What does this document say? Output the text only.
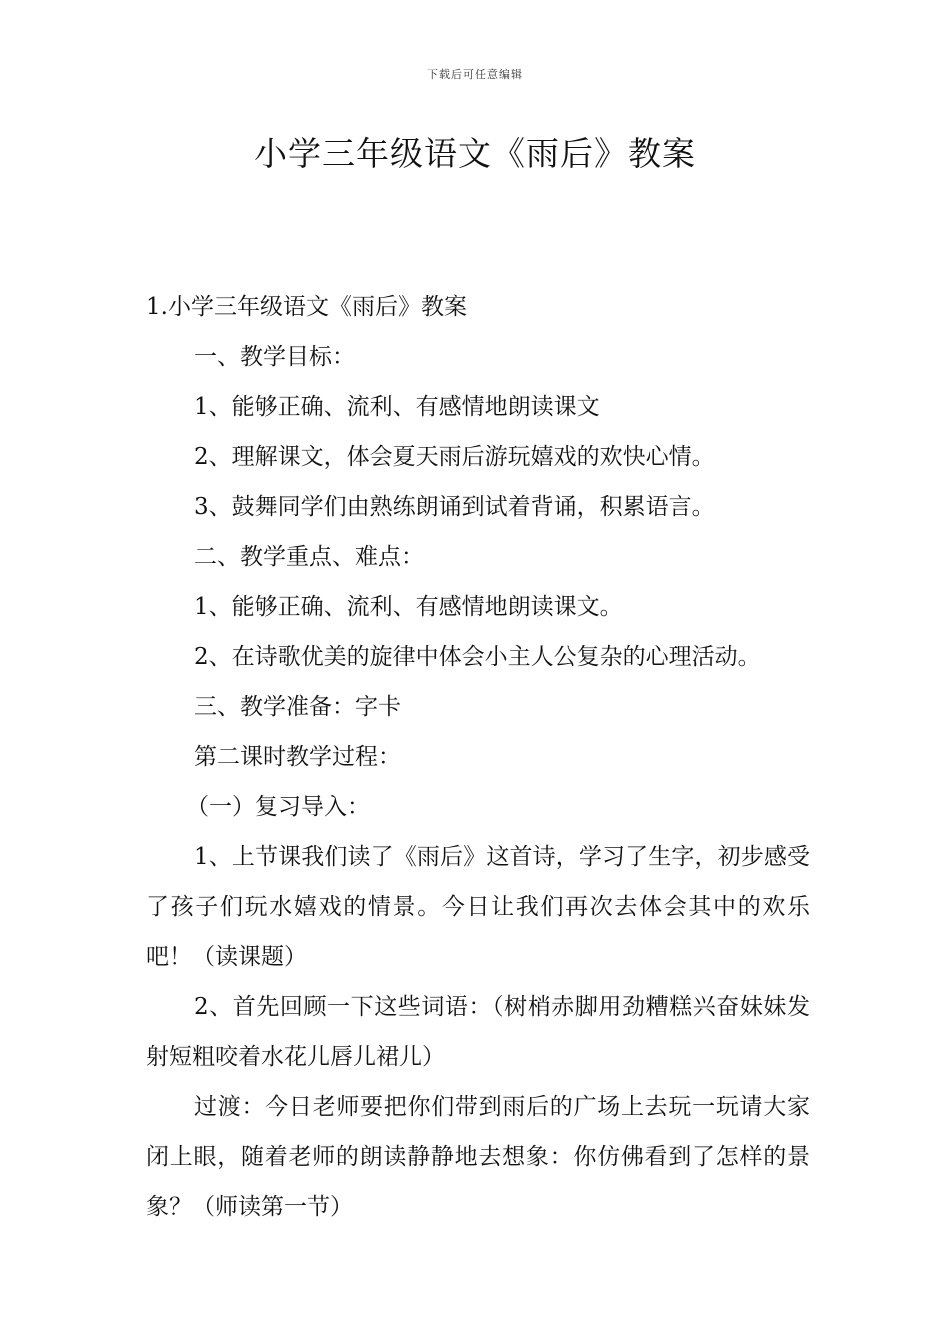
下载后可任意编辑
小学三年级语文《雨后》教案

1.小学三年级语文《雨后》教案

一、教学目标：

1、能够正确、流利、有感情地朗读课文

2、理解课文，体会夏天雨后游玩嬉戏的欢快心情。

3、鼓舞同学们由熟练朗诵到试着背诵，积累语言。

二、教学重点、难点：

1、能够正确、流利、有感情地朗读课文。

2、在诗歌优美的旋律中体会小主人公复杂的心理活动。

三、教学准备：字卡

第二课时教学过程：

（一）复习导入：

1、上节课我们读了《雨后》这首诗，学习了生字，初步感受了孩子们玩水嬉戏的情景。今日让我们再次去体会其中的欢乐吧！（读课题）

2、首先回顾一下这些词语：（树梢赤脚用劲糟糕兴奋妹妹发射短粗咬着水花儿唇儿裙儿）

过渡：今日老师要把你们带到雨后的广场上去玩一玩请大家闭上眼，随着老师的朗读静静地去想象：你仿佛看到了怎样的景象？（师读第一节）
